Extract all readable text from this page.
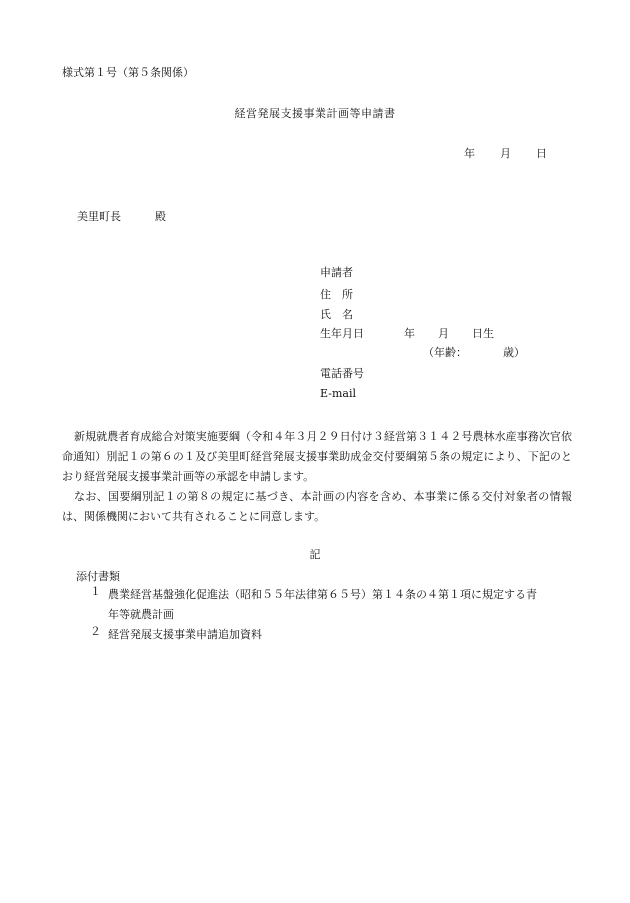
様式第１号（第５条関係）
経営発展支援事業計画等申請書
年 月 日
美里町長	殿
申請者
住　所
氏　名
生年月日	年 月 日生
（年齢：	歳）
電話番号
E-mail
新規就農者育成総合対策実施要綱（令和４年３月２９日付け３経営第３１４２号農林水産事務次官依命通知）別記１の第６の１及び美里町経営発展支援事業助成金交付要綱第５条の規定により、下記のとおり経営発展支援事業計画等の承認を申請します。
なお、国要綱別記１の第８の規定に基づき、本計画の内容を含め、本事業に係る交付対象者の情報は、関係機関において共有されることに同意します。
記
添付書類
１ 農業経営基盤強化促進法（昭和５５年法律第６５号）第１４条の４第１項に規定する青
年等就農計画
２ 経営発展支援事業申請追加資料
